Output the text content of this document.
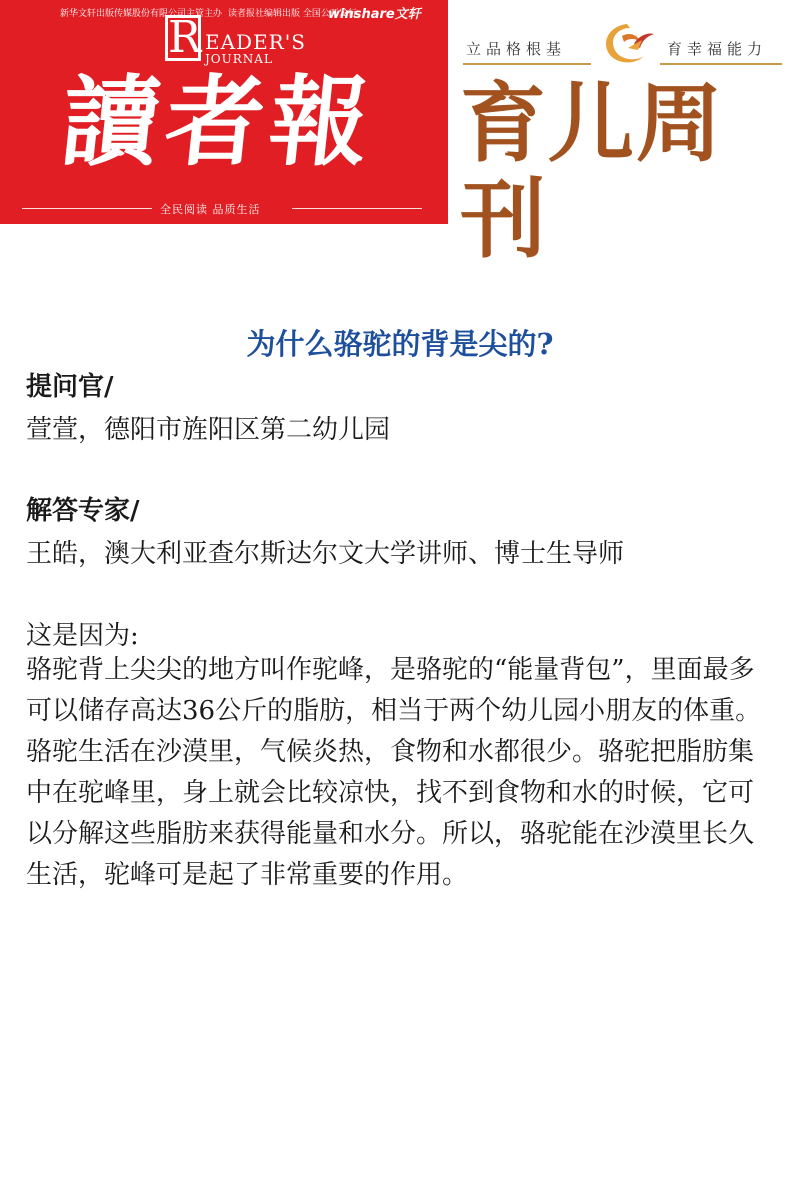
新华文轩出版传媒股份有限公司主管主办 读者报社编辑出版 全国公开发行
winshare文轩
R EADER'S
JOURNAL
讀者報
全民阅读 品质生活
立品格根基	育幸福能力
育儿周刊
为什么骆驼的背是尖的?
提问官/
萱萱，德阳市旌阳区第二幼儿园
解答专家/
王皓，澳大利亚查尔斯达尔文大学讲师、博士生导师
这是因为:

骆驼背上尖尖的地方叫作驼峰，是骆驼的“能量背包”，里面最多可以储存高达36公斤的脂肪，相当于两个幼儿园小朋友的体重。

骆驼生活在沙漠里，气候炎热，食物和水都很少。骆驼把脂肪集中在驼峰里，身上就会比较凉快，找不到食物和水的时候，它可以分解这些脂肪来获得能量和水分。所以，骆驼能在沙漠里长久生活，驼峰可是起了非常重要的作用。
